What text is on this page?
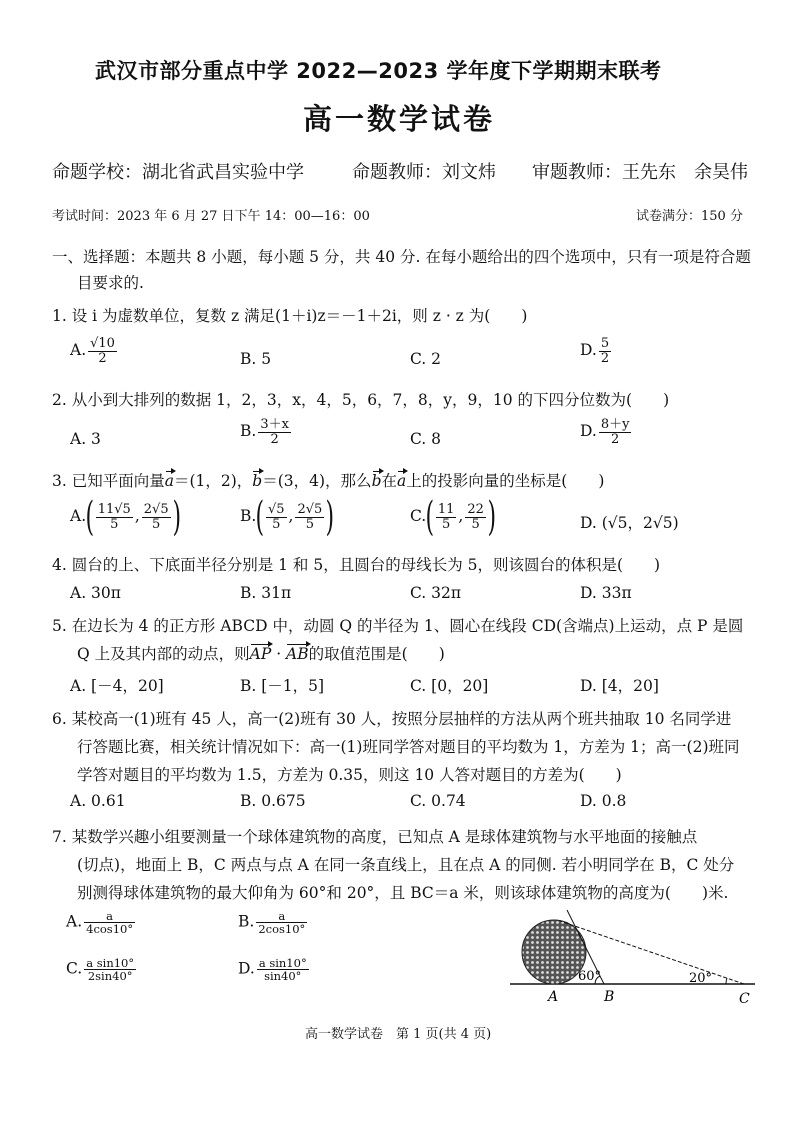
武汉市部分重点中学 2022—2023 学年度下学期期末联考
高一数学试卷
命题学校：湖北省武昌实验中学	命题教师：刘文炜 审题教师：王先东　余昊伟
考试时间：2023 年 6 月 27 日下午 14：00—16：00	试卷满分：150 分
一、选择题：本题共 8 小题，每小题 5 分，共 40 分. 在每小题给出的四个选项中，只有一项是符合题
目要求的.
1. 设 i 为虚数单位，复数 z 满足(1＋i)z＝－1＋2i，则 z · z 为(　　)
A. $\frac{√10}{2}$	B. 5	C. 2	D. $\frac{5}{2}$
2. 从小到大排列的数据 1，2，3，x，4，5，6，7，8，y，9，10 的下四分位数为(　　)
A. 3	B. $\frac{3+x}{2}$	C. 8	D. $\frac{8+y}{2}$
3. 已知平面向量a＝(1，2)，b＝(3，4)，那么b在a上的投影向量的坐标是(　　)
$A.( \frac{11√5}{5}$ , $\frac{2√5}{5}$ )	$B.( \frac{√5}{5}$ , $\frac{2√5}{5}$ )	$C.( \frac{11}{5}$ , $\frac{22}{5}$ )	D. (√5，2√5)
4. 圆台的上、下底面半径分别是 1 和 5，且圆台的母线长为 5，则该圆台的体积是(　　)
A. 30π	B. 31π	C. 32π	D. 33π
5. 在边长为 4 的正方形 ABCD 中，动圆 Q 的半径为 1、圆心在线段 CD(含端点)上运动，点 P 是圆
Q 上及其内部的动点，则AP · AB的取值范围是(　　)
A. [－4，20]	B. [－1，5]	C. [0，20]	D. [4，20]
6. 某校高一(1)班有 45 人，高一(2)班有 30 人，按照分层抽样的方法从两个班共抽取 10 名同学进
行答题比赛，相关统计情况如下：高一(1)班同学答对题目的平均数为 1，方差为 1；高一(2)班同
学答对题目的平均数为 1.5，方差为 0.35，则这 10 人答对题目的方差为(　　)
A. 0.61	B. 0.675	C. 0.74	D. 0.8
7. 某数学兴趣小组要测量一个球体建筑物的高度，已知点 A 是球体建筑物与水平地面的接触点
(切点)，地面上 B，C 两点与点 A 在同一条直线上，且在点 A 的同侧. 若小明同学在 B，C 处分
别测得球体建筑物的最大仰角为 60°和 20°，且 BC＝a 米，则该球体建筑物的高度为(　　)米.
A. $\frac{a}{4\cos 10^\circ}$	B. $\frac{a}{2\cos 10^\circ}$
C. $\frac{\text{a sin10°}}{2\sin 40^\circ}$	D. $\frac{\text{a sin10°}}{\sin 40^\circ}$	60°	20°
A	B	C
高一数学试卷　第 1 页(共 4 页)
